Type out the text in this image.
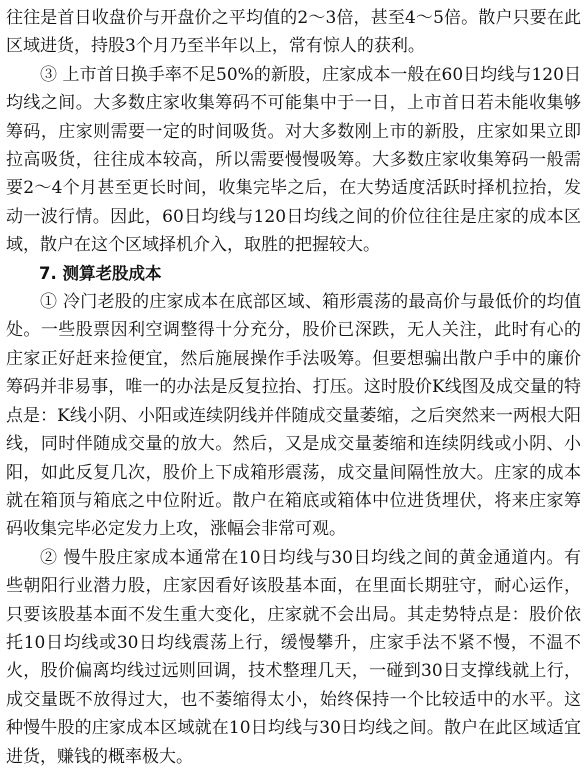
往往是首日收盘价与开盘价之平均值的2～3倍，甚至4～5倍。散户只要在此区域进货，持股3个月乃至半年以上，常有惊人的获利。

③ 上市首日换手率不足50%的新股，庄家成本一般在60日均线与120日均线之间。大多数庄家收集筹码不可能集中于一日，上市首日若未能收集够筹码，庄家则需要一定的时间吸货。对大多数刚上市的新股，庄家如果立即拉高吸货，往往成本较高，所以需要慢慢吸筹。大多数庄家收集筹码一般需要2～4个月甚至更长时间，收集完毕之后，在大势适度活跃时择机拉抬，发动一波行情。因此，60日均线与120日均线之间的价位往往是庄家的成本区域，散户在这个区域择机介入，取胜的把握较大。

7. 测算老股成本

① 冷门老股的庄家成本在底部区域、箱形震荡的最高价与最低价的均值处。一些股票因利空调整得十分充分，股价已深跌，无人关注，此时有心的庄家正好赶来捡便宜，然后施展操作手法吸筹。但要想骗出散户手中的廉价筹码并非易事，唯一的办法是反复拉抬、打压。这时股价K线图及成交量的特点是：K线小阴、小阳或连续阴线并伴随成交量萎缩，之后突然来一两根大阳线，同时伴随成交量的放大。然后，又是成交量萎缩和连续阴线或小阴、小阳，如此反复几次，股价上下成箱形震荡，成交量间隔性放大。庄家的成本就在箱顶与箱底之中位附近。散户在箱底或箱体中位进货埋伏，将来庄家筹码收集完毕必定发力上攻，涨幅会非常可观。

② 慢牛股庄家成本通常在10日均线与30日均线之间的黄金通道内。有些朝阳行业潜力股，庄家因看好该股基本面，在里面长期驻守，耐心运作，只要该股基本面不发生重大变化，庄家就不会出局。其走势特点是：股价依托10日均线或30日均线震荡上行，缓慢攀升，庄家手法不紧不慢，不温不火，股价偏离均线过远则回调，技术整理几天，一碰到30日支撑线就上行，成交量既不放得过大，也不萎缩得太小，始终保持一个比较适中的水平。这种慢牛股的庄家成本区域就在10日均线与30日均线之间。散户在此区域适宜进货，赚钱的概率极大。
